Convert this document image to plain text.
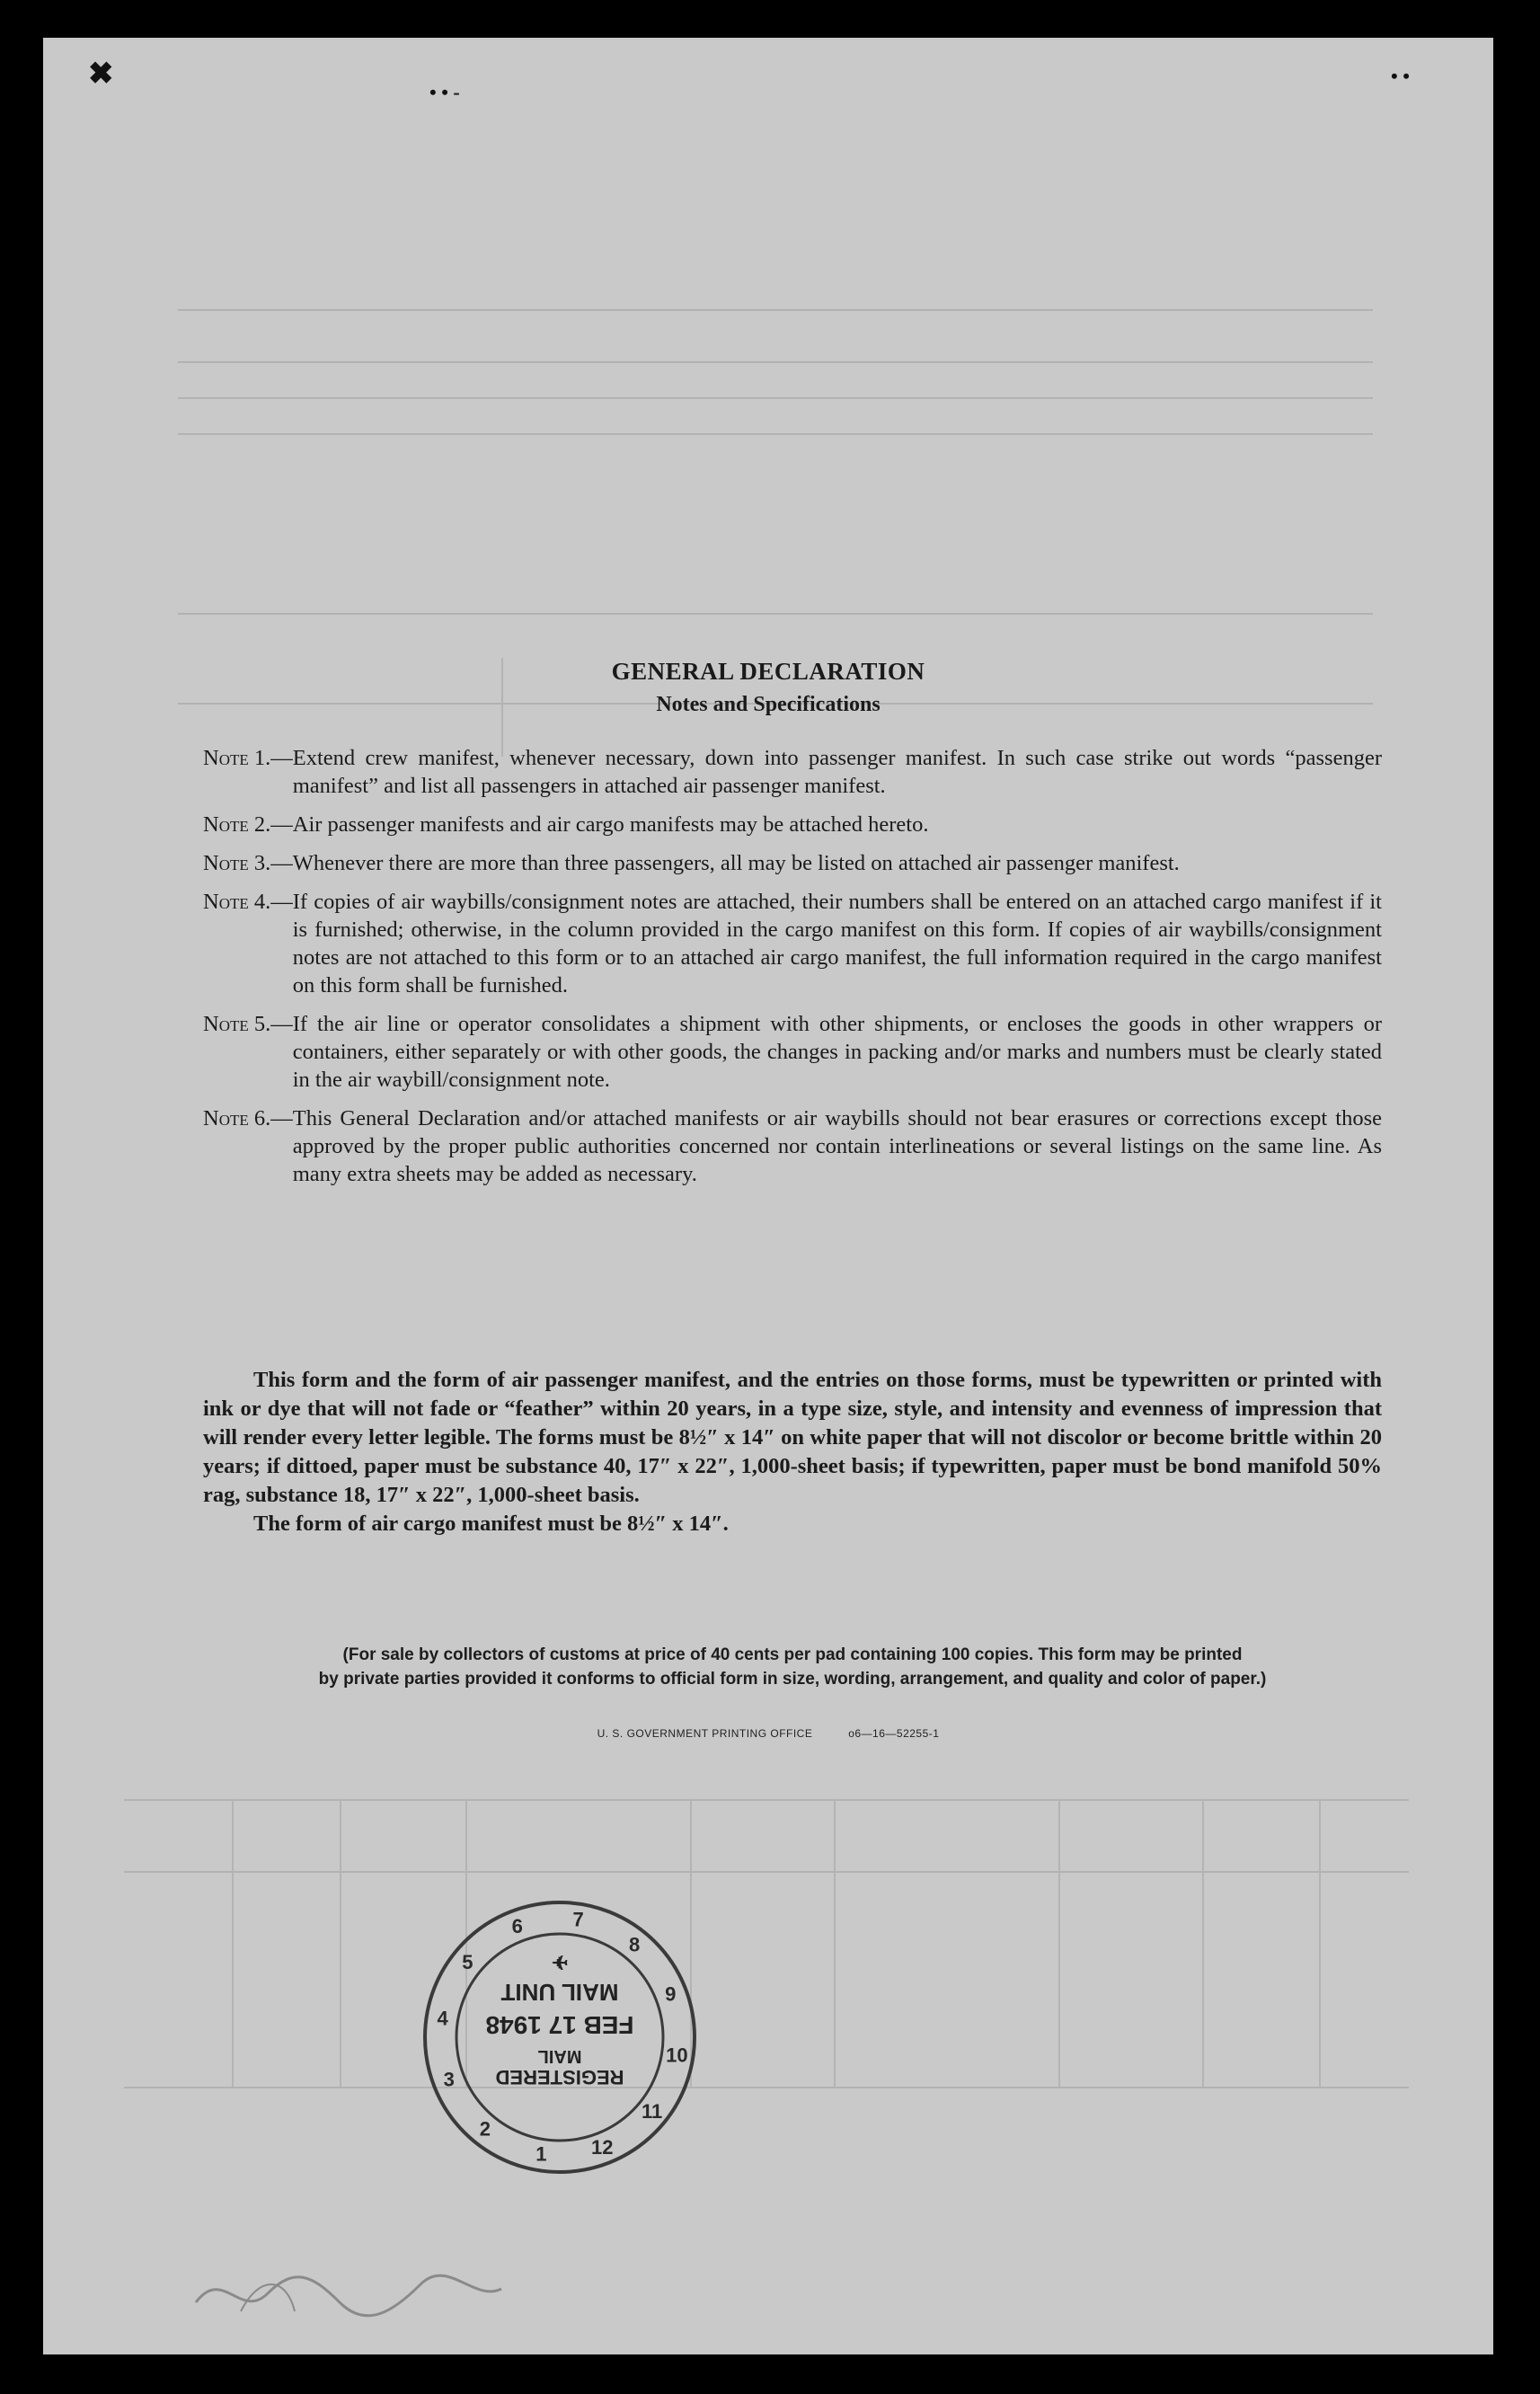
✖
• • -
• •
GENERAL DECLARATION
Notes and Specifications
Note 1.— Extend crew manifest, whenever necessary, down into passenger manifest. In such case strike out words “passenger manifest” and list all passengers in attached air passenger manifest.
Note 2.— Air passenger manifests and air cargo manifests may be attached hereto.
Note 3.— Whenever there are more than three passengers, all may be listed on attached air passenger manifest.
Note 4.— If copies of air waybills/consignment notes are attached, their numbers shall be entered on an attached cargo manifest if it is furnished; otherwise, in the column provided in the cargo manifest on this form. If copies of air waybills/consignment notes are not attached to this form or to an attached air cargo manifest, the full information required in the cargo manifest on this form shall be furnished.
Note 5.— If the air line or operator consolidates a shipment with other shipments, or encloses the goods in other wrappers or containers, either separately or with other goods, the changes in packing and/or marks and numbers must be clearly stated in the air waybill/consignment note.
Note 6.— This General Declaration and/or attached manifests or air waybills should not bear erasures or corrections except those approved by the proper public authorities concerned nor contain interlineations or several listings on the same line. As many extra sheets may be added as necessary.

This form and the form of air passenger manifest, and the entries on those forms, must be typewritten or printed with ink or dye that will not fade or “feather” within 20 years, in a type size, style, and intensity and evenness of impression that will render every letter legible. The forms must be 8½″ x 14″ on white paper that will not discolor or become brittle within 20 years; if dittoed, paper must be substance 40, 17″ x 22″, 1,000-sheet basis; if typewritten, paper must be bond manifold 50% rag, substance 18, 17″ x 22″, 1,000-sheet basis.

The form of air cargo manifest must be 8½″ x 14″.

(For sale by collectors of customs at price of 40 cents per pad containing 100 copies. This form may be printed
by private parties provided it conforms to official form in size, wording, arrangement, and quality and color of paper.)
U. S. GOVERNMENT PRINTING OFFICE	o6—16—52255-1
1
2
3
4
5
6	7
8
9
10
11
12
REGISTERED
MAIL
FEB 17 1948
MAIL UNIT
✈
